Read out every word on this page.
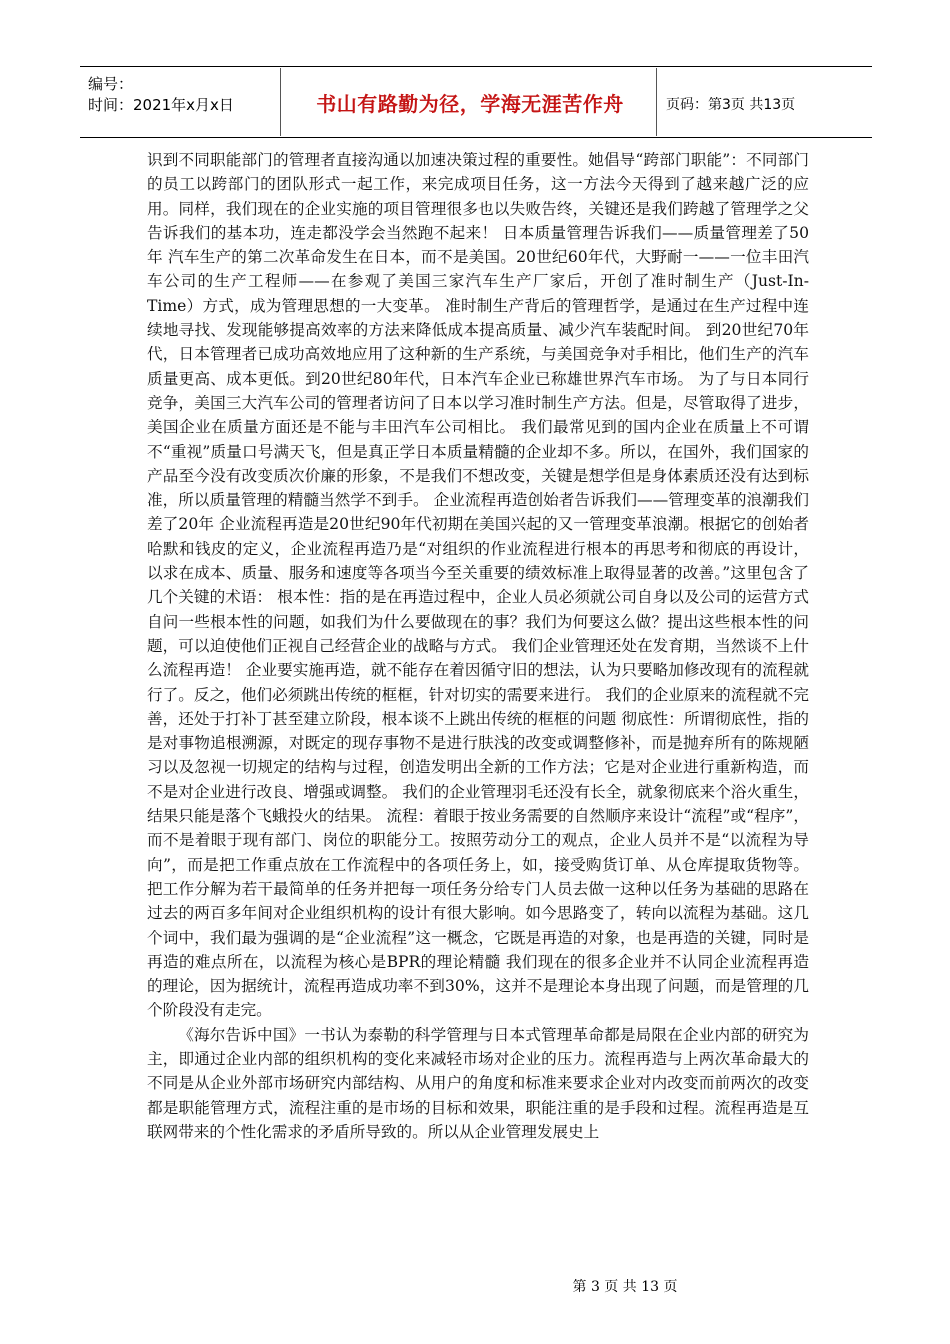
编号：
时间：2021年x月x日	书山有路勤为径，学海无涯苦作舟	页码：第3页 共13页

识到不同职能部门的管理者直接沟通以加速决策过程的重要性。她倡导“跨部门职能”：不同部门的员工以跨部门的团队形式一起工作，来完成项目任务，这一方法今天得到了越来越广泛的应用。同样，我们现在的企业实施的项目管理很多也以失败告终，关键还是我们跨越了管理学之父告诉我们的基本功，连走都没学会当然跑不起来！ 日本质量管理告诉我们——质量管理差了50年 汽车生产的第二次革命发生在日本，而不是美国。20世纪60年代，大野耐一——一位丰田汽车公司的生产工程师——在参观了美国三家汽车生产厂家后，开创了准时制生产（Just-In-Time）方式，成为管理思想的一大变革。 准时制生产背后的管理哲学，是通过在生产过程中连续地寻找、发现能够提高效率的方法来降低成本提高质量、减少汽车装配时间。 到20世纪70年代，日本管理者已成功高效地应用了这种新的生产系统，与美国竞争对手相比，他们生产的汽车质量更高、成本更低。到20世纪80年代，日本汽车企业已称雄世界汽车市场。 为了与日本同行竞争，美国三大汽车公司的管理者访问了日本以学习准时制生产方法。但是，尽管取得了进步，美国企业在质量方面还是不能与丰田汽车公司相比。 我们最常见到的国内企业在质量上不可谓不“重视”质量口号满天飞，但是真正学日本质量精髓的企业却不多。所以，在国外，我们国家的产品至今没有改变质次价廉的形象，不是我们不想改变，关键是想学但是身体素质还没有达到标准，所以质量管理的精髓当然学不到手。 企业流程再造创始者告诉我们——管理变革的浪潮我们差了20年 企业流程再造是20世纪90年代初期在美国兴起的又一管理变革浪潮。根据它的创始者哈默和钱皮的定义，企业流程再造乃是“对组织的作业流程进行根本的再思考和彻底的再设计，以求在成本、质量、服务和速度等各项当今至关重要的绩效标准上取得显著的改善。”这里包含了几个关键的术语： 根本性：指的是在再造过程中，企业人员必须就公司自身以及公司的运营方式自问一些根本性的问题，如我们为什么要做现在的事？我们为何要这么做？提出这些根本性的问题，可以迫使他们正视自己经营企业的战略与方式。 我们企业管理还处在发育期，当然谈不上什么流程再造！ 企业要实施再造，就不能存在着因循守旧的想法，认为只要略加修改现有的流程就行了。反之，他们必须跳出传统的框框，针对切实的需要来进行。 我们的企业原来的流程就不完善，还处于打补丁甚至建立阶段，根本谈不上跳出传统的框框的问题 彻底性：所谓彻底性，指的是对事物追根溯源，对既定的现存事物不是进行肤浅的改变或调整修补，而是抛弃所有的陈规陋习以及忽视一切规定的结构与过程，创造发明出全新的工作方法；它是对企业进行重新构造，而不是对企业进行改良、增强或调整。 我们的企业管理羽毛还没有长全，就象彻底来个浴火重生，结果只能是落个飞蛾投火的结果。 流程：着眼于按业务需要的自然顺序来设计“流程”或“程序”，而不是着眼于现有部门、岗位的职能分工。按照劳动分工的观点，企业人员并不是“以流程为导向”，而是把工作重点放在工作流程中的各项任务上，如，接受购货订单、从仓库提取货物等。把工作分解为若干最简单的任务并把每一项任务分给专门人员去做一这种以任务为基础的思路在过去的两百多年间对企业组织机构的设计有很大影响。如今思路变了，转向以流程为基础。这几个词中，我们最为强调的是“企业流程”这一概念，它既是再造的对象，也是再造的关键，同时是再造的难点所在，以流程为核心是BPR的理论精髓 我们现在的很多企业并不认同企业流程再造的理论，因为据统计，流程再造成功率不到30%，这并不是理论本身出现了问题，而是管理的几个阶段没有走完。

《海尔告诉中国》一书认为泰勒的科学管理与日本式管理革命都是局限在企业内部的研究为主，即通过企业内部的组织机构的变化来减轻市场对企业的压力。流程再造与上两次革命最大的不同是从企业外部市场研究内部结构、从用户的角度和标准来要求企业对内改变而前两次的改变都是职能管理方式，流程注重的是市场的目标和效果，职能注重的是手段和过程。流程再造是互联网带来的个性化需求的矛盾所导致的。所以从企业管理发展史上

第 3 页 共 13 页
